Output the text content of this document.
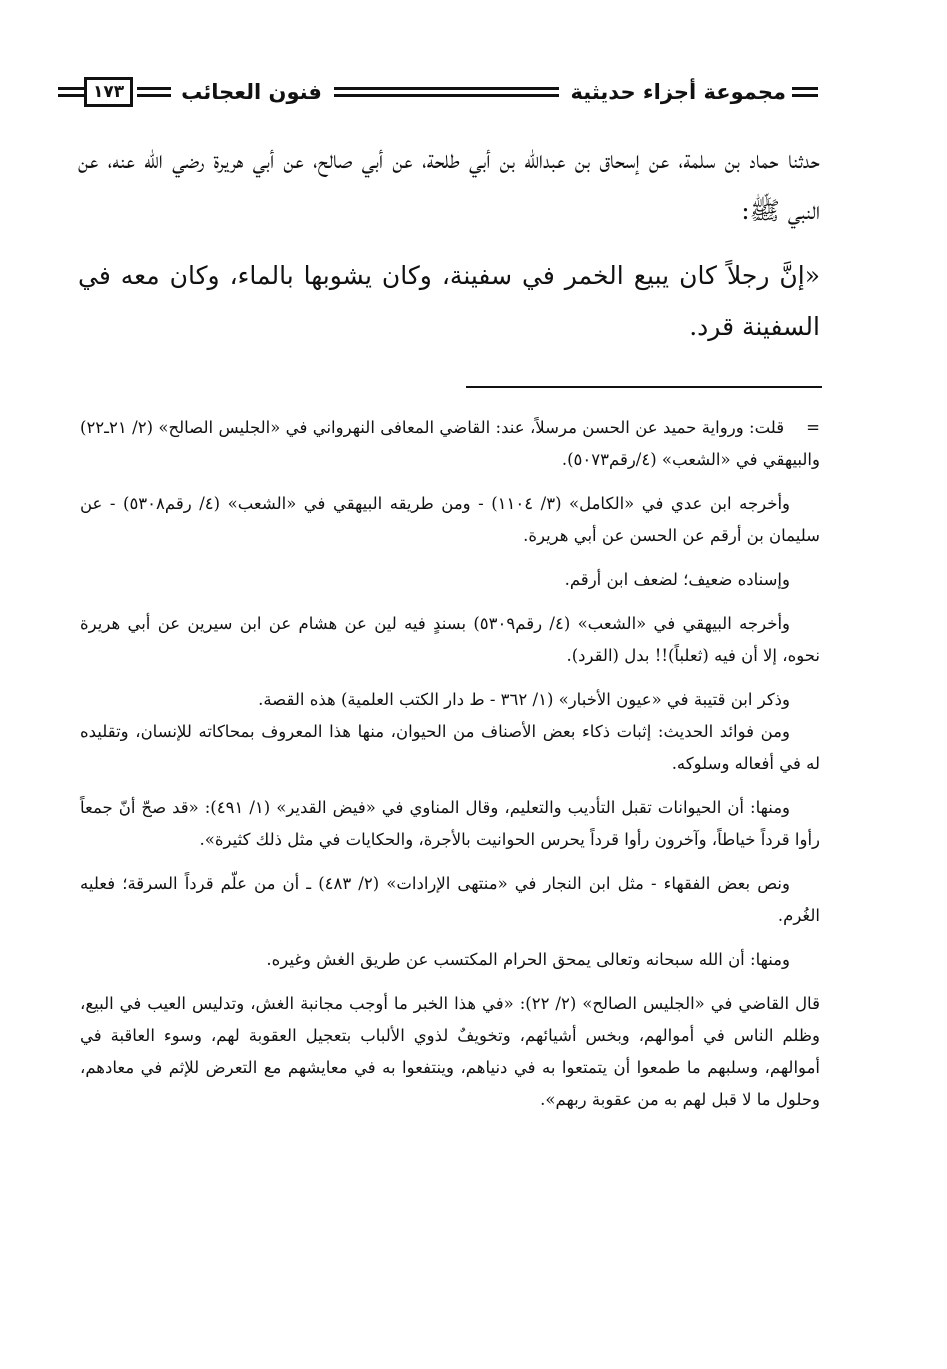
مجموعة أجزاء حديثية
فنون العجائب
١٧٣

حدثنا حماد بن سلمة، عن إسحاق بن عبدالله بن أبي طلحة، عن أبي صالح، عن أبي هريرة رضي الله عنه، عن النبي ﷺ:

«إنَّ رجلاً كان يبيع الخمر في سفينة، وكان يشوبها بالماء، وكان معه في السفينة قرد.

=قلت: ورواية حميد عن الحسن مرسلاً، عند: القاضي المعافى النهرواني في «الجليس الصالح» (٢/ ٢١ـ٢٢) والبيهقي في «الشعب» (٤/رقم٥٠٧٣).

وأخرجه ابن عدي في «الكامل» (٣/ ١١٠٤) - ومن طريقه البيهقي في «الشعب» (٤/ رقم٥٣٠٨) - عن سليمان بن أرقم عن الحسن عن أبي هريرة.

وإسناده ضعيف؛ لضعف ابن أرقم.

وأخرجه البيهقي في «الشعب» (٤/ رقم٥٣٠٩) بسندٍ فيه لين عن هشام عن ابن سيرين عن أبي هريرة نحوه، إلا أن فيه (ثعلباً)!! بدل (القرد).

وذكر ابن قتيبة في «عيون الأخبار» (١/ ٣٦٢ - ط دار الكتب العلمية) هذه القصة.

ومن فوائد الحديث: إثبات ذكاء بعض الأصناف من الحيوان، منها هذا المعروف بمحاكاته للإنسان، وتقليده له في أفعاله وسلوكه.

ومنها: أن الحيوانات تقبل التأديب والتعليم، وقال المناوي في «فيض القدير» (١/ ٤٩١): «قد صحّ أنّ جمعاً رأوا قرداً خياطاً، وآخرون رأوا قرداً يحرس الحوانيت بالأجرة، والحكايات في مثل ذلك كثيرة».

ونص بعض الفقهاء - مثل ابن النجار في «منتهى الإرادات» (٢/ ٤٨٣) ـ أن من علّم قرداً السرقة؛ فعليه الغُرم.

ومنها: أن الله سبحانه وتعالى يمحق الحرام المكتسب عن طريق الغش وغيره.

قال القاضي في «الجليس الصالح» (٢/ ٢٢): «في هذا الخبر ما أوجب مجانبة الغش، وتدليس العيب في البيع، وظلم الناس في أموالهم، وبخس أشيائهم، وتخويفٌ لذوي الألباب بتعجيل العقوبة لهم، وسوء العاقبة في أموالهم، وسلبهم ما طمعوا أن يتمتعوا به في دنياهم، وينتفعوا به في معايشهم مع التعرض للإثم في معادهم، وحلول ما لا قبل لهم به من عقوبة ربهم».
